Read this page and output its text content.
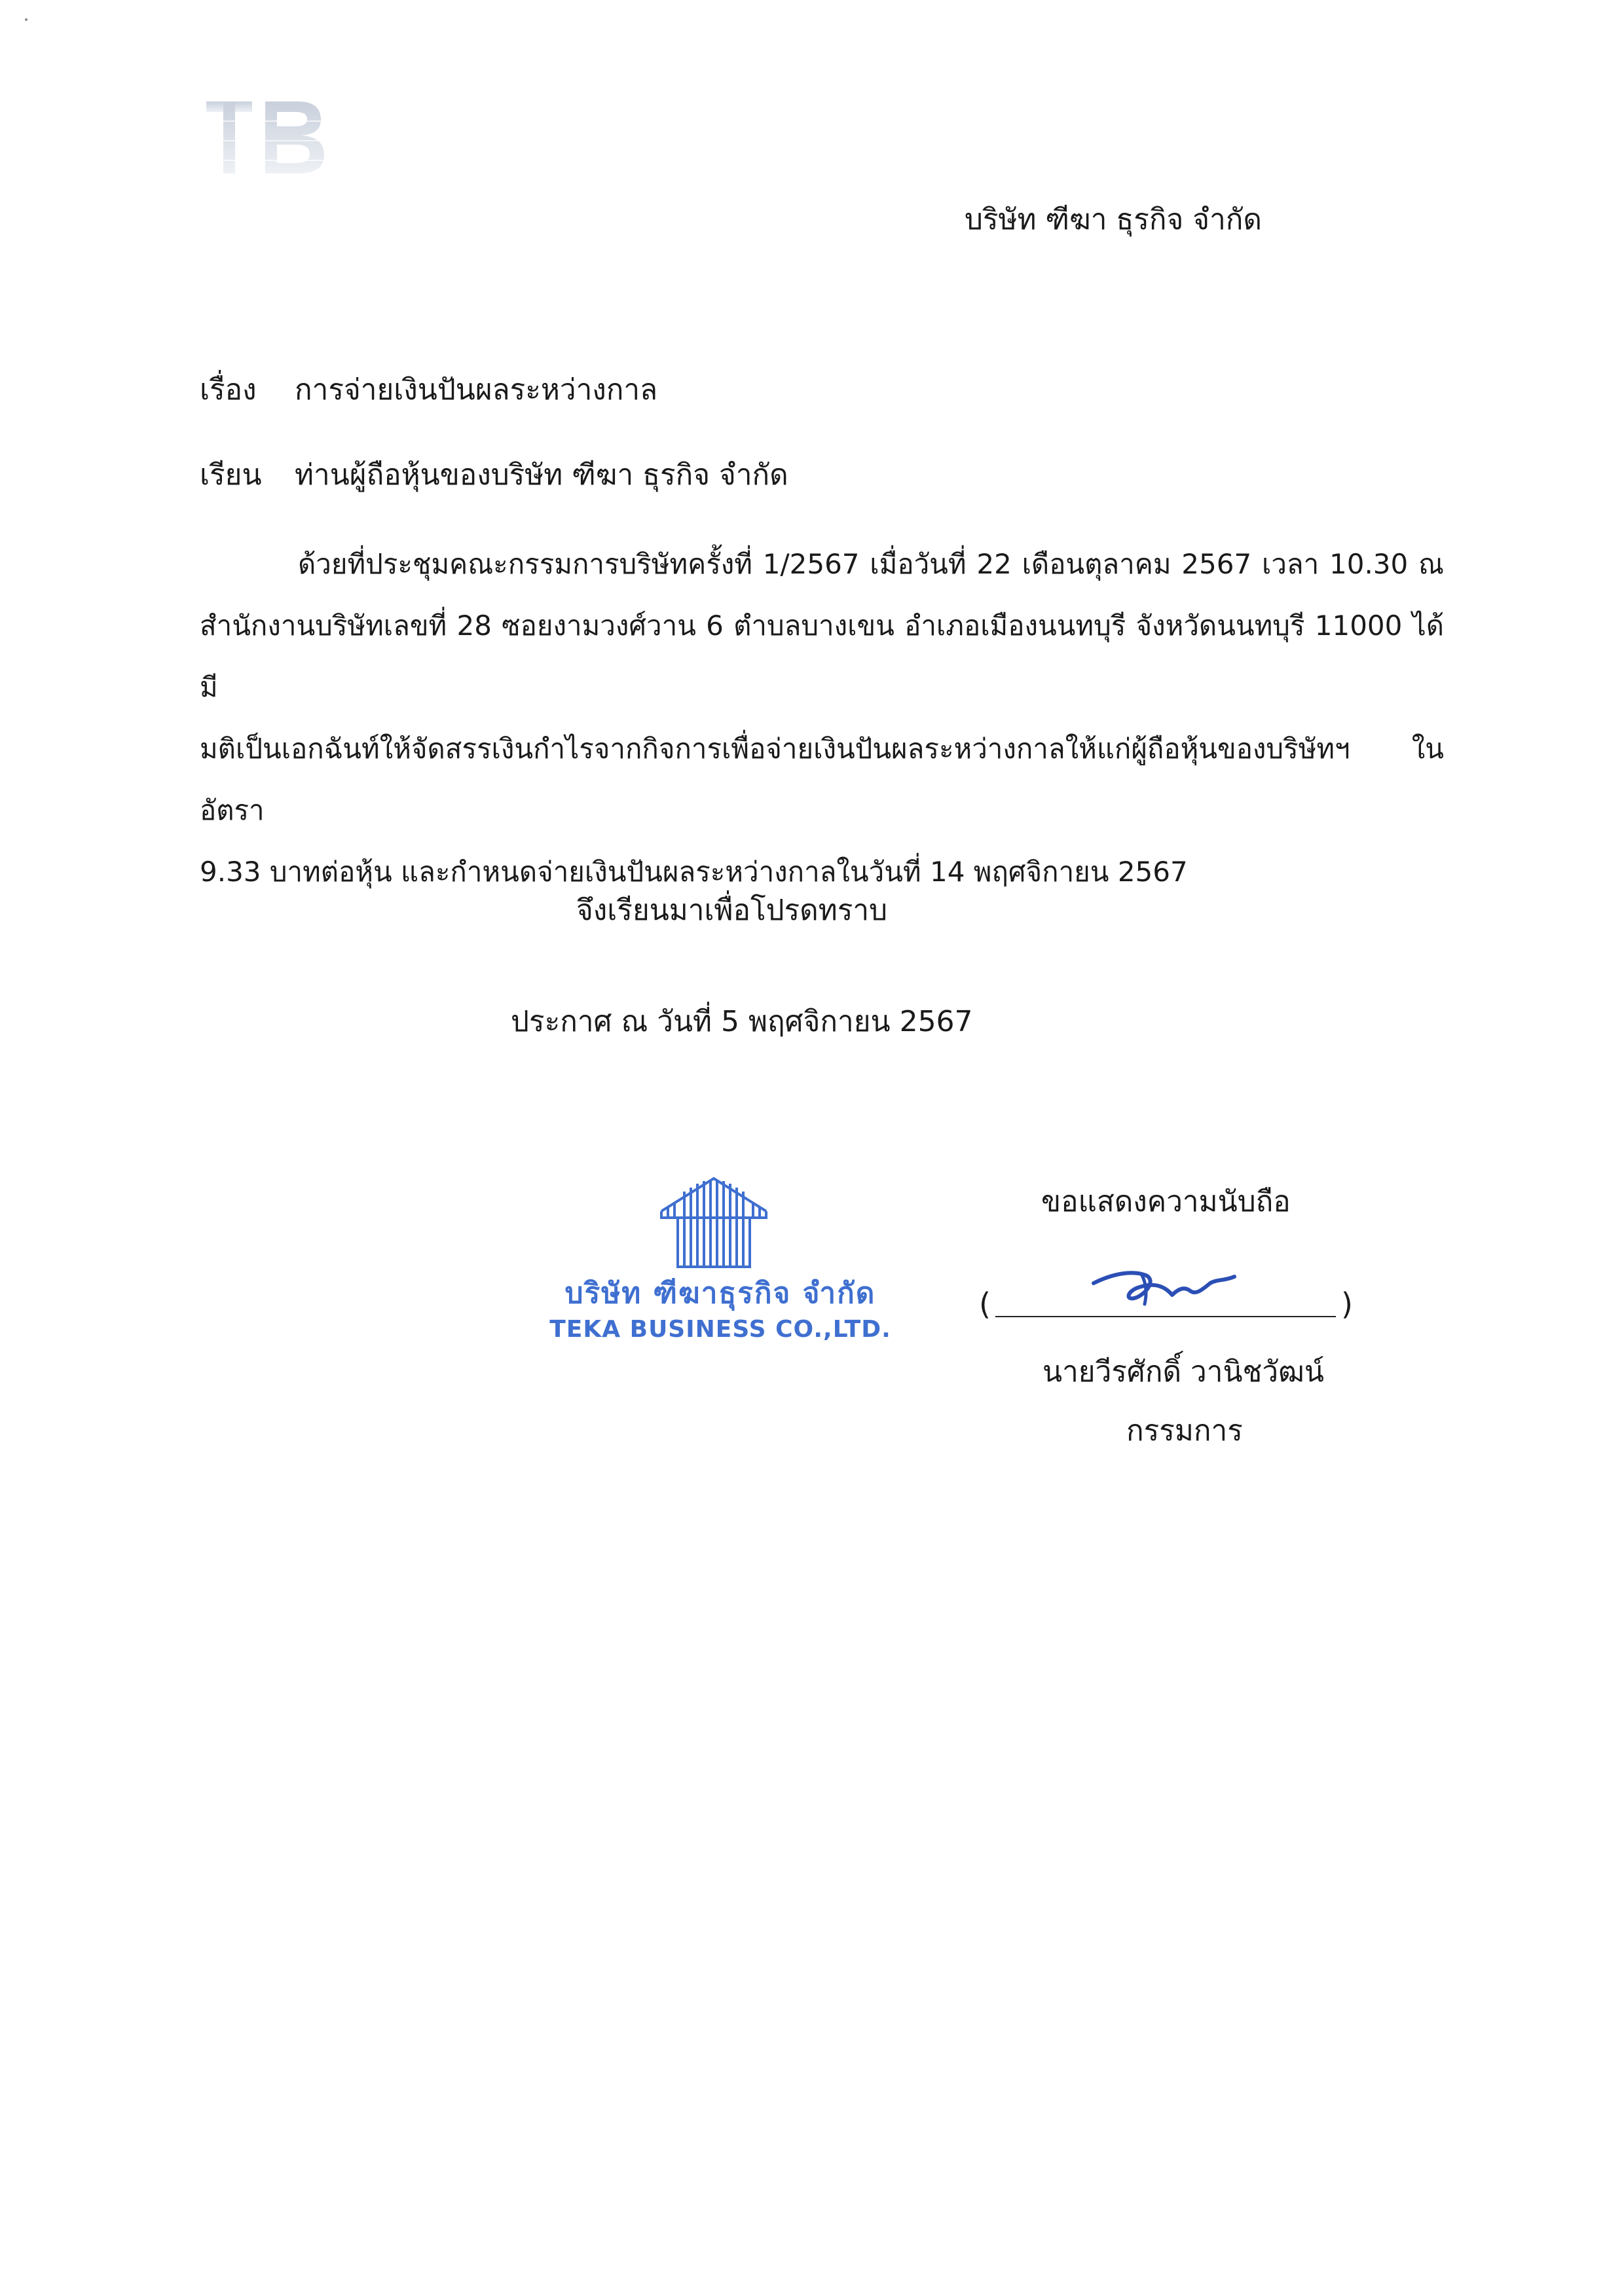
บริษัท ฑีฆา ธุรกิจ จำกัด
เรื่อง การจ่ายเงินปันผลระหว่างกาล
เรียน ท่านผู้ถือหุ้นของบริษัท ฑีฆา ธุรกิจ จำกัด
ด้วยที่ประชุมคณะกรรมการบริษัทครั้งที่ 1/2567 เมื่อวันที่ 22 เดือนตุลาคม 2567 เวลา 10.30 ณ
สำนักงานบริษัทเลขที่ 28 ซอยงามวงศ์วาน 6 ตำบลบางเขน อำเภอเมืองนนทบุรี จังหวัดนนทบุรี 11000 ได้มี
มติเป็นเอกฉันท์ให้จัดสรรเงินกำไรจากกิจการเพื่อจ่ายเงินปันผลระหว่างกาลให้แก่ผู้ถือหุ้นของบริษัทฯ ในอัตรา
9.33 บาทต่อหุ้น และกำหนดจ่ายเงินปันผลระหว่างกาลในวันที่ 14 พฤศจิกายน 2567
จึงเรียนมาเพื่อโปรดทราบ
ประกาศ ณ วันที่ 5 พฤศจิกายน 2567
บริษัท ฑีฆาธุรกิจ จำกัด
TEKA BUSINESS CO.,LTD.
ขอแสดงความนับถือ
(	)
นายวีรศักดิ์ วานิชวัฒน์
กรรมการ
